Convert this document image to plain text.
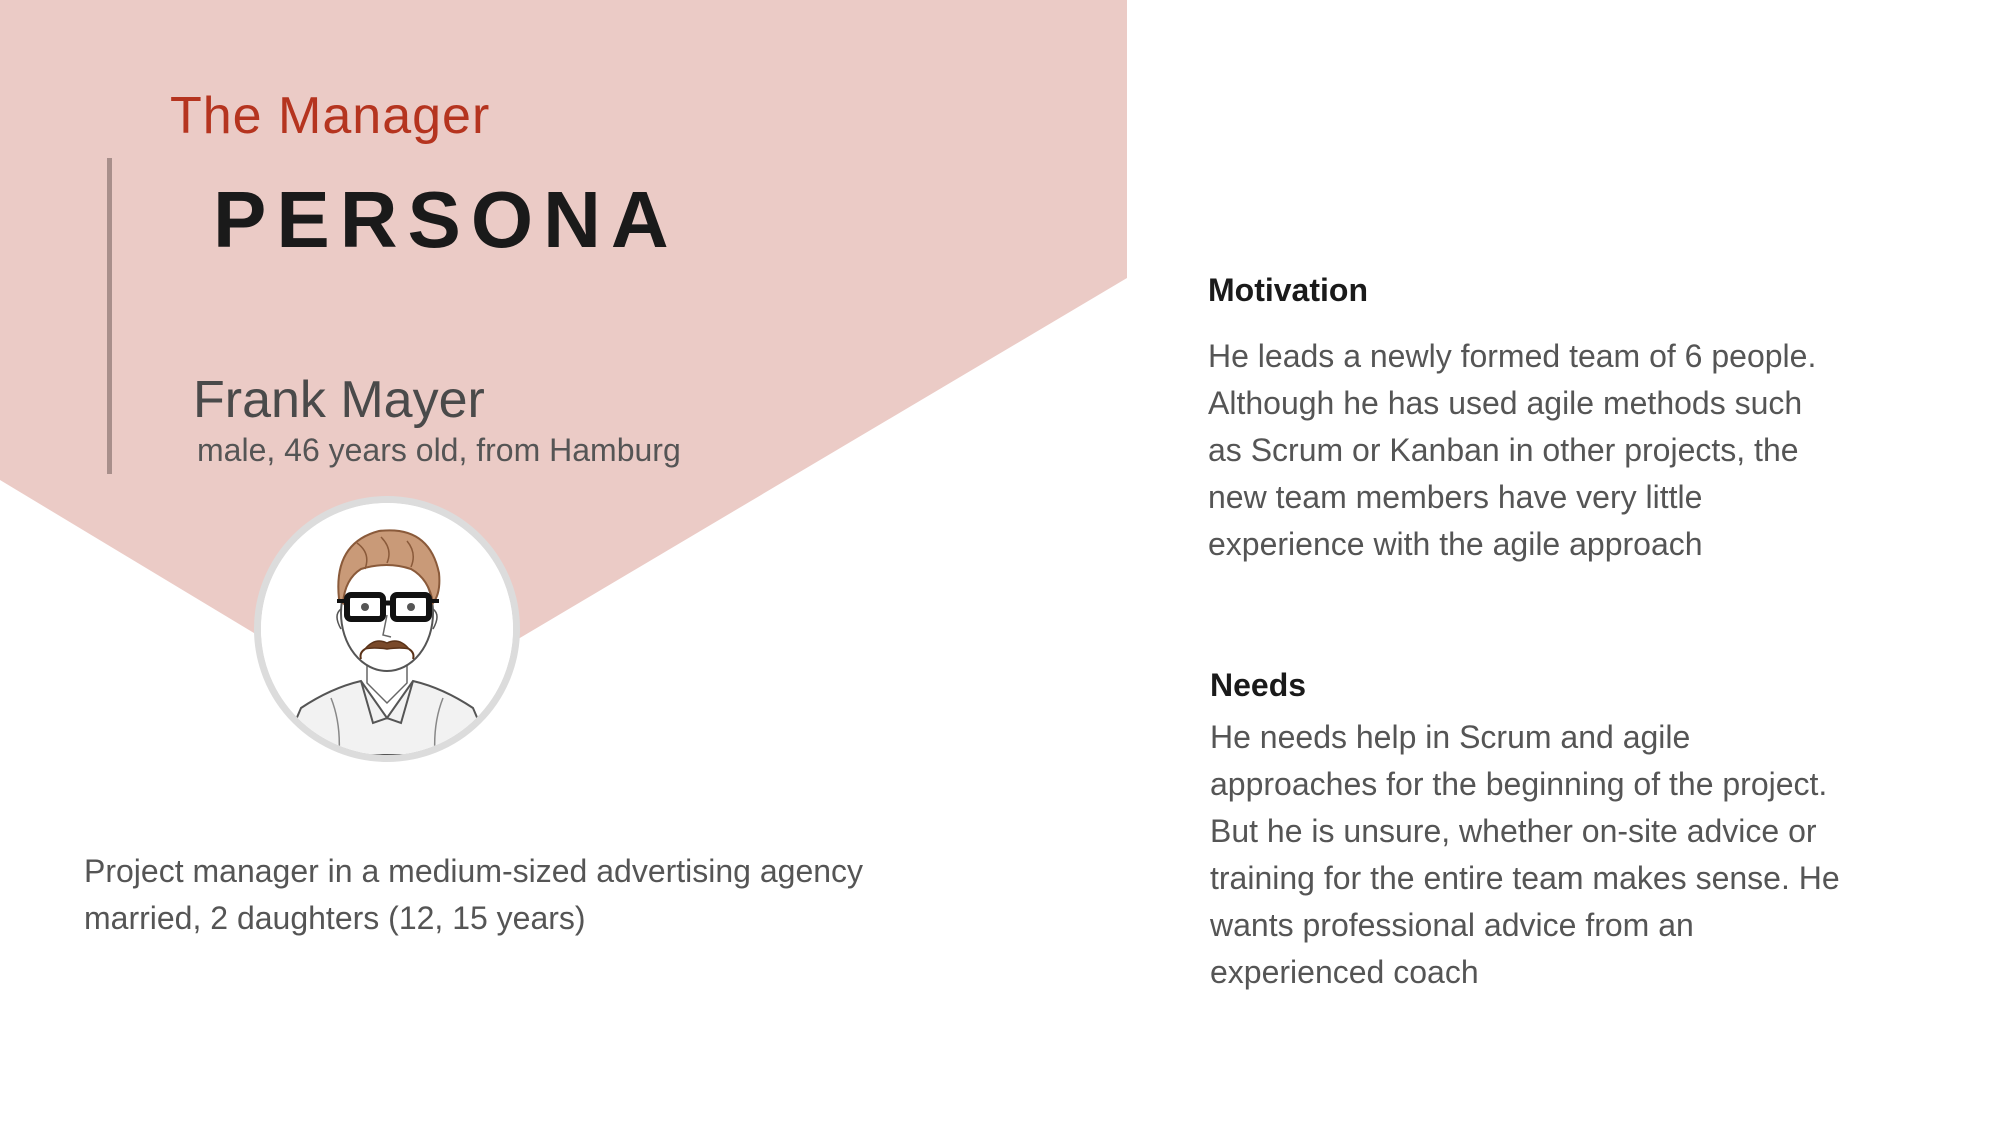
The Manager

PERSONA

Frank Mayer

male, 46 years old, from Hamburg

Project manager in a medium-sized advertising agency
married, 2 daughters (12, 15 years)
Motivation
He leads a newly formed team of 6 people.
Although he has used agile methods such
as Scrum or Kanban in other projects, the
new team members have very little
experience with the agile approach
Needs
He needs help in Scrum and agile
approaches for the beginning of the project.
But he is unsure, whether on-site advice or
training for the entire team makes sense. He
wants professional advice from an
experienced coach
